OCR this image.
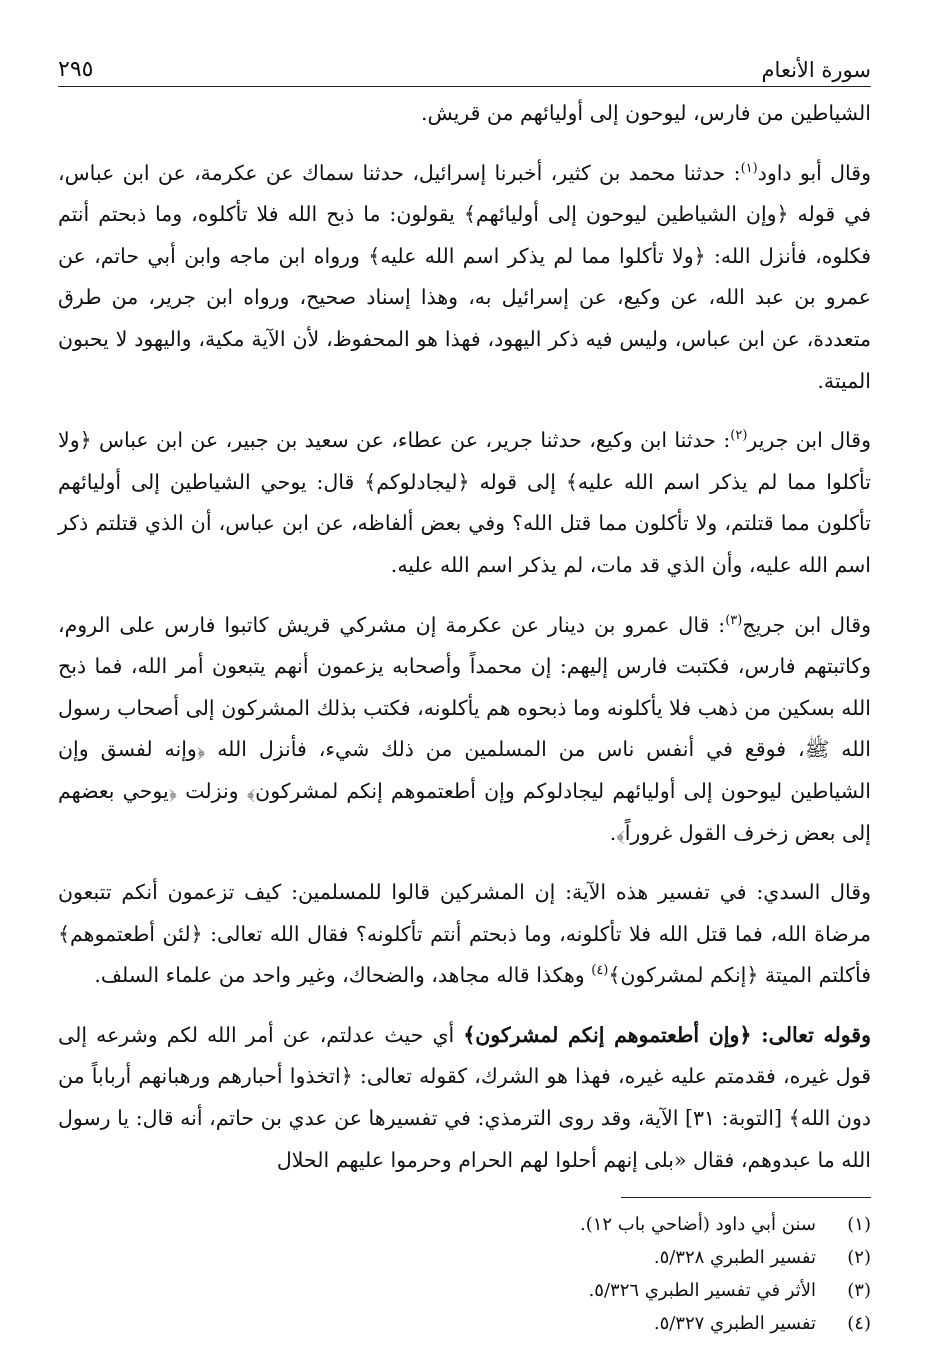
سورة الأنعام
٢٩٥

الشياطين من فارس، ليوحون إلى أوليائهم من قريش.

وقال أبو داود$^{(١)}$: حدثنا محمد بن كثير، أخبرنا إسرائيل، حدثنا سماك عن عكرمة، عن ابن عباس، في قوله ﴿وإن الشياطين ليوحون إلى أوليائهم﴾ يقولون: ما ذبح الله فلا تأكلوه، وما ذبحتم أنتم فكلوه، فأنزل الله: ﴿ولا تأكلوا مما لم يذكر اسم الله عليه﴾ ورواه ابن ماجه وابن أبي حاتم، عن عمرو بن عبد الله، عن وكيع، عن إسرائيل به، وهذا إسناد صحيح، ورواه ابن جرير، من طرق متعددة، عن ابن عباس، وليس فيه ذكر اليهود، فهذا هو المحفوظ، لأن الآية مكية، واليهود لا يحبون الميتة.

وقال ابن جرير$^{(٢)}$: حدثنا ابن وكيع، حدثنا جرير، عن عطاء، عن سعيد بن جبير، عن ابن عباس ﴿ولا تأكلوا مما لم يذكر اسم الله عليه﴾ إلى قوله ﴿ليجادلوكم﴾ قال: يوحي الشياطين إلى أوليائهم تأكلون مما قتلتم، ولا تأكلون مما قتل الله؟ وفي بعض ألفاظه، عن ابن عباس، أن الذي قتلتم ذكر اسم الله عليه، وأن الذي قد مات، لم يذكر اسم الله عليه.

وقال ابن جريج$^{(٣)}$: قال عمرو بن دينار عن عكرمة إن مشركي قريش كاتبوا فارس على الروم، وكاتبتهم فارس، فكتبت فارس إليهم: إن محمداً وأصحابه يزعمون أنهم يتبعون أمر الله، فما ذبح الله بسكين من ذهب فلا يأكلونه وما ذبحوه هم يأكلونه، فكتب بذلك المشركون إلى أصحاب رسول الله ﷺ، فوقع في أنفس ناس من المسلمين من ذلك شيء، فأنزل الله ﴿وإنه لفسق وإن الشياطين ليوحون إلى أوليائهم ليجادلوكم وإن أطعتموهم إنكم لمشركون﴾ ونزلت ﴿يوحي بعضهم إلى بعض زخرف القول غروراً﴾.

وقال السدي: في تفسير هذه الآية: إن المشركين قالوا للمسلمين: كيف تزعمون أنكم تتبعون مرضاة الله، فما قتل الله فلا تأكلونه، وما ذبحتم أنتم تأكلونه؟ فقال الله تعالى: ﴿لئن أطعتموهم﴾ فأكلتم الميتة ﴿إنكم لمشركون﴾$^{(٤)}$ وهكذا قاله مجاهد، والضحاك، وغير واحد من علماء السلف.

وقوله تعالى: ﴿وإن أطعتموهم إنكم لمشركون﴾ أي حيث عدلتم، عن أمر الله لكم وشرعه إلى قول غيره، فقدمتم عليه غيره، فهذا هو الشرك، كقوله تعالى: ﴿اتخذوا أحبارهم ورهبانهم أرباباً من دون الله﴾ [التوبة: ٣١] الآية، وقد روى الترمذي: في تفسيرها عن عدي بن حاتم، أنه قال: يا رسول الله ما عبدوهم، فقال «بلى إنهم أحلوا لهم الحرام وحرموا عليهم الحلال

(١)
سنن أبي داود (أضاحي باب ١٢).
(٢)
تفسير الطبري ٥/٣٢٨.
(٣)
الأثر في تفسير الطبري ٥/٣٢٦.
(٤)
تفسير الطبري ٥/٣٢٧.
